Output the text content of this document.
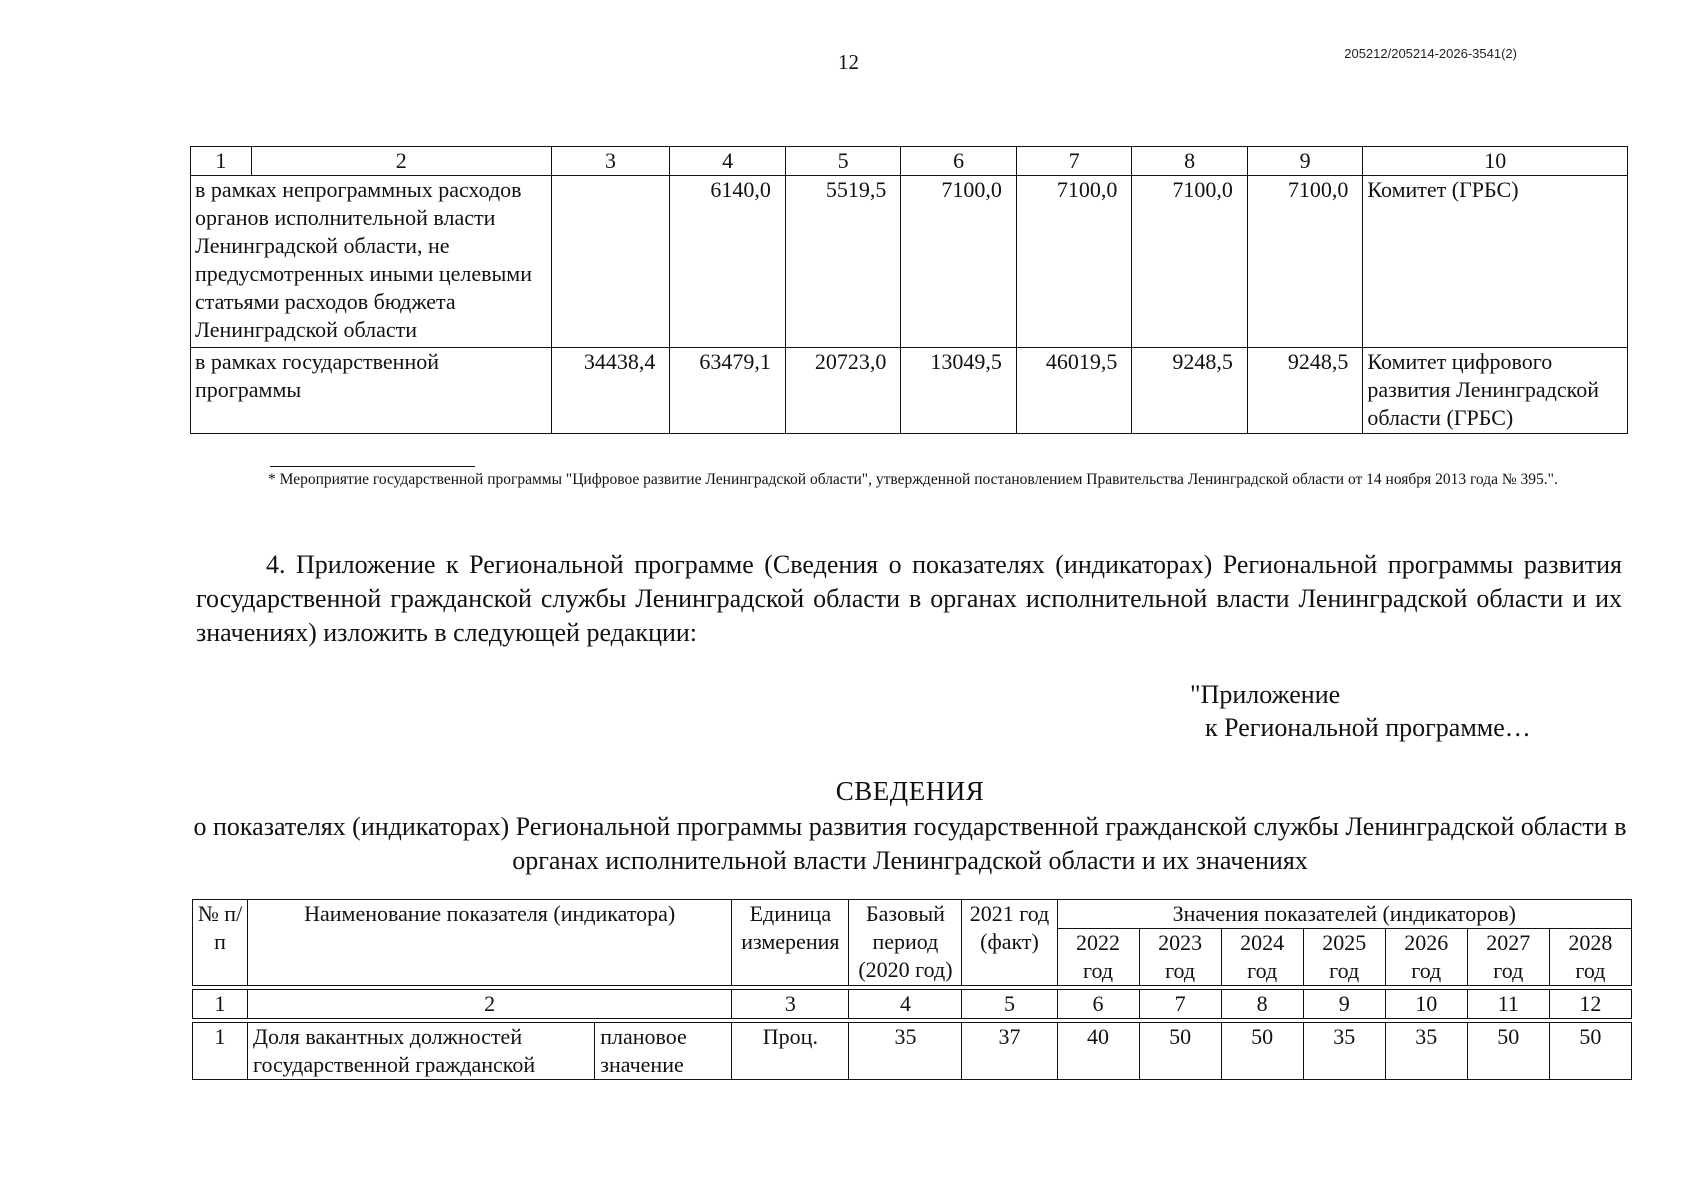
12	205212/205214-2026-3541(2)
1	2	3	4	5	6	7	8	9	10
в рамках непрограммных расходов органов исполнительной власти Ленинградской области, не предусмотренных иными целевыми статьями расходов бюджета Ленинградской области			6140,0	5519,5	7100,0	7100,0	7100,0	7100,0	Комитет (ГРБС)
в рамках государственной программы		34438,4	63479,1	20723,0	13049,5	46019,5	9248,5	9248,5	Комитет цифрового развития Ленинградской области (ГРБС)
* Мероприятие государственной программы "Цифровое развитие Ленинградской области", утвержденной постановлением Правительства Ленинградской области от 14 ноября 2013 года № 395.".
4. Приложение к Региональной программе (Сведения о показателях (индикаторах) Региональной программы развития государственной гражданской службы Ленинградской области в органах исполнительной власти Ленинградской области и их значениях) изложить в следующей редакции:
"Приложение
к Региональной программе…
СВЕДЕНИЯ
о показателях (индикаторах) Региональной программы развития государственной гражданской службы Ленинградской области в органах исполнительной власти Ленинградской области и их значениях
№ п/п	Наименование показателя (индикатора)		Единица измерения	Базовый период (2020 год)	2021 год (факт)	Значения показателей (индикаторов)						
						2022 год	2023 год	2024 год	2025 год	2026 год	2027 год	2028 год

1	2		3	4	5	6	7	8	9	10	11	12

1	Доля вакантных должностей государственной гражданской	плановое значение	Проц.	35	37	40	50	50	35	35	50	50
